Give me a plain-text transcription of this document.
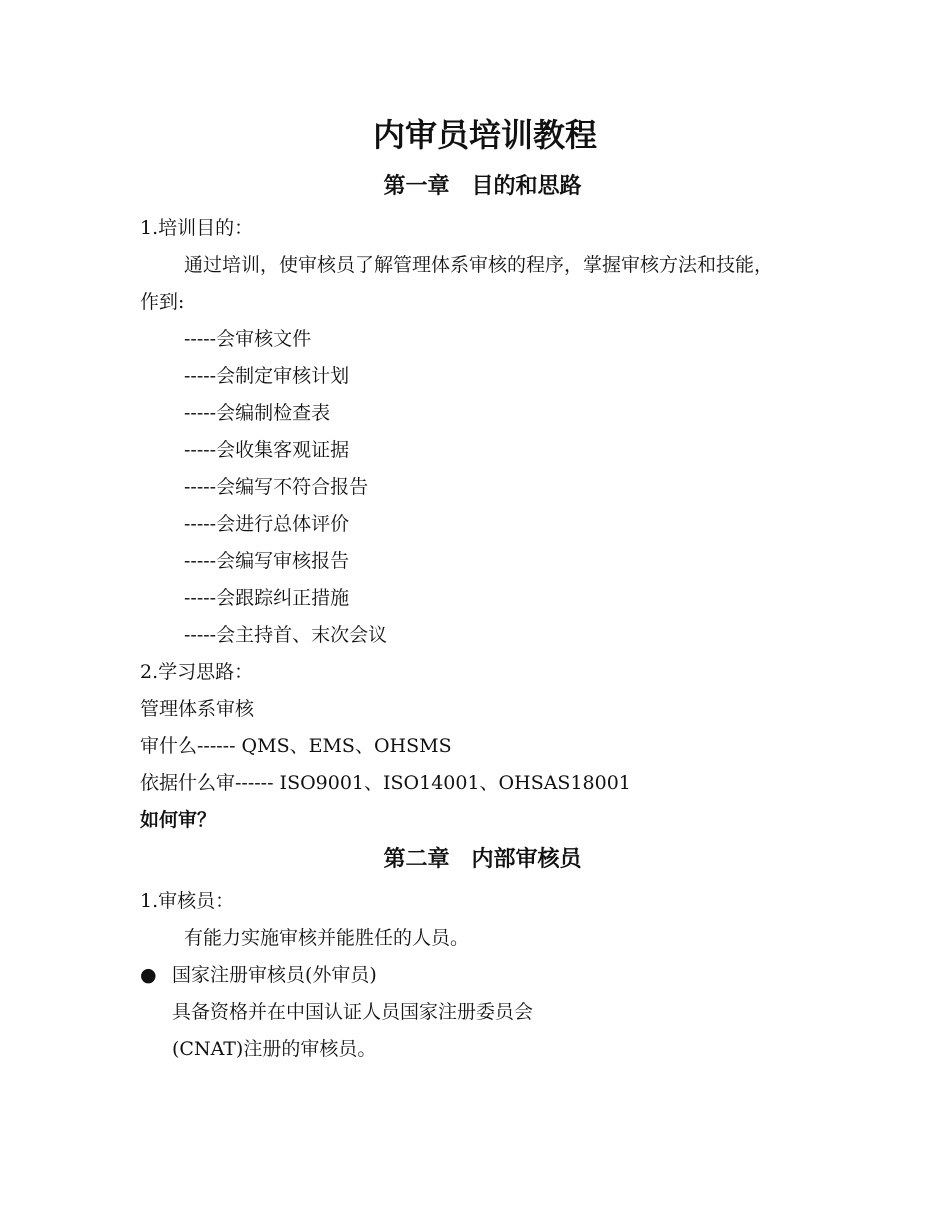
内审员培训教程
第一章　目的和思路
1.培训目的：
通过培训，使审核员了解管理体系审核的程序，掌握审核方法和技能，
作到:
-----会审核文件
-----会制定审核计划
-----会编制检查表
-----会收集客观证据
-----会编写不符合报告
-----会进行总体评价
-----会编写审核报告
-----会跟踪纠正措施
-----会主持首、末次会议
2.学习思路：
管理体系审核
审什么------ QMS、EMS、OHSMS
依据什么审------ ISO9001、ISO14001、OHSAS18001
如何审？
第二章　内部审核员
1.审核员：
有能力实施审核并能胜任的人员。
● 国家注册审核员(外审员)
具备资格并在中国认证人员国家注册委员会
(CNAT)注册的审核员。
